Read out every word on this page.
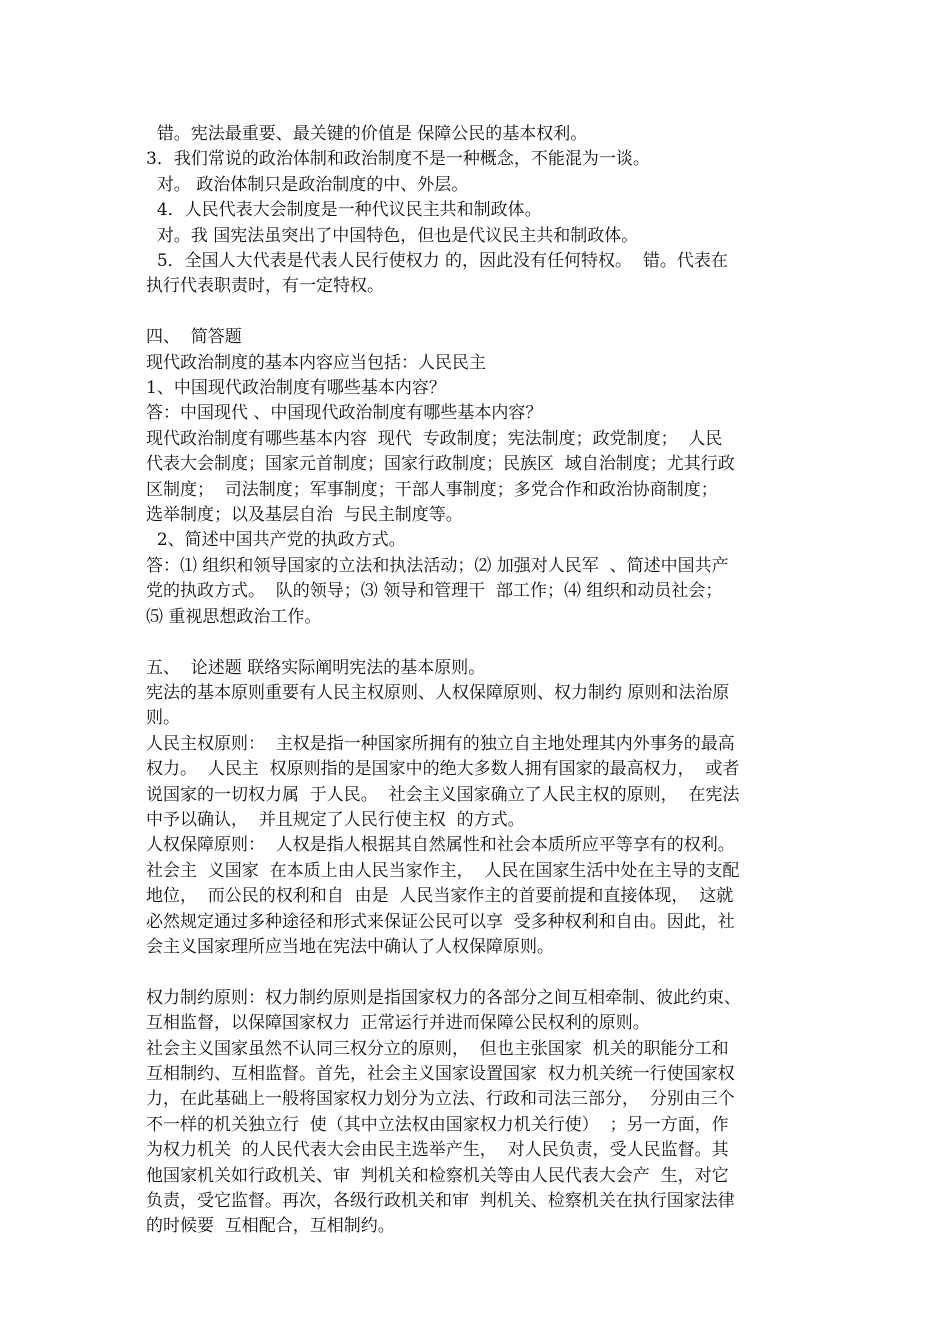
错。宪法最重要、最关键的价值是 保障公民的基本权利。

3．我们常说的政治体制和政治制度不是一种概念，不能混为一谈。

对。 政治体制只是政治制度的中、外层。

4．人民代表大会制度是一种代议民主共和制政体。

对。我 国宪法虽突出了中国特色，但也是代议民主共和制政体。

5．全国人大代表是代表人民行使权力 的，因此没有任何特权。  错。代表在

执行代表职责时，有一定特权。

四、  简答题

现代政治制度的基本内容应当包括：人民民主

1、中国现代政治制度有哪些基本内容？

答：中国现代 、中国现代政治制度有哪些基本内容？

现代政治制度有哪些基本内容  现代  专政制度；宪法制度；政党制度；  人民

代表大会制度；国家元首制度；国家行政制度；民族区  域自治制度；尤其行政

区制度；  司法制度；军事制度；干部人事制度；多党合作和政治协商制度；

选举制度；以及基层自治  与民主制度等。

2、简述中国共产党的执政方式。

答：⑴ 组织和领导国家的立法和执法活动；⑵ 加强对人民军  、简述中国共产

党的执政方式。  队的领导；⑶ 领导和管理干  部工作；⑷ 组织和动员社会；

⑸ 重视思想政治工作。

五、  论述题 联络实际阐明宪法的基本原则。

宪法的基本原则重要有人民主权原则、人权保障原则、权力制约 原则和法治原

则。

人民主权原则：  主权是指一种国家所拥有的独立自主地处理其内外事务的最高

权力。  人民主  权原则指的是国家中的绝大多数人拥有国家的最高权力，  或者

说国家的一切权力属  于人民。  社会主义国家确立了人民主权的原则，  在宪法

中予以确认，  并且规定了人民行使主权  的方式。

人权保障原则：  人权是指人根据其自然属性和社会本质所应平等享有的权利。

社会主  义国家  在本质上由人民当家作主，  人民在国家生活中处在主导的支配

地位，  而公民的权利和自  由是  人民当家作主的首要前提和直接体现，  这就

必然规定通过多种途径和形式来保证公民可以享  受多种权利和自由。因此，社

会主义国家理所应当地在宪法中确认了人权保障原则。

权力制约原则：权力制约原则是指国家权力的各部分之间互相牵制、彼此约束、

互相监督，以保障国家权力  正常运行并进而保障公民权利的原则。

社会主义国家虽然不认同三权分立的原则，  但也主张国家  机关的职能分工和

互相制约、互相监督。首先，社会主义国家设置国家  权力机关统一行使国家权

力，在此基础上一般将国家权力划分为立法、行政和司法三部分，  分别由三个

不一样的机关独立行  使（其中立法权由国家权力机关行使）  ；另一方面，作

为权力机关  的人民代表大会由民主选举产生，  对人民负责，受人民监督。其

他国家机关如行政机关、审  判机关和检察机关等由人民代表大会产  生，对它

负责，受它监督。再次，各级行政机关和审  判机关、检察机关在执行国家法律

的时候要  互相配合，互相制约。
